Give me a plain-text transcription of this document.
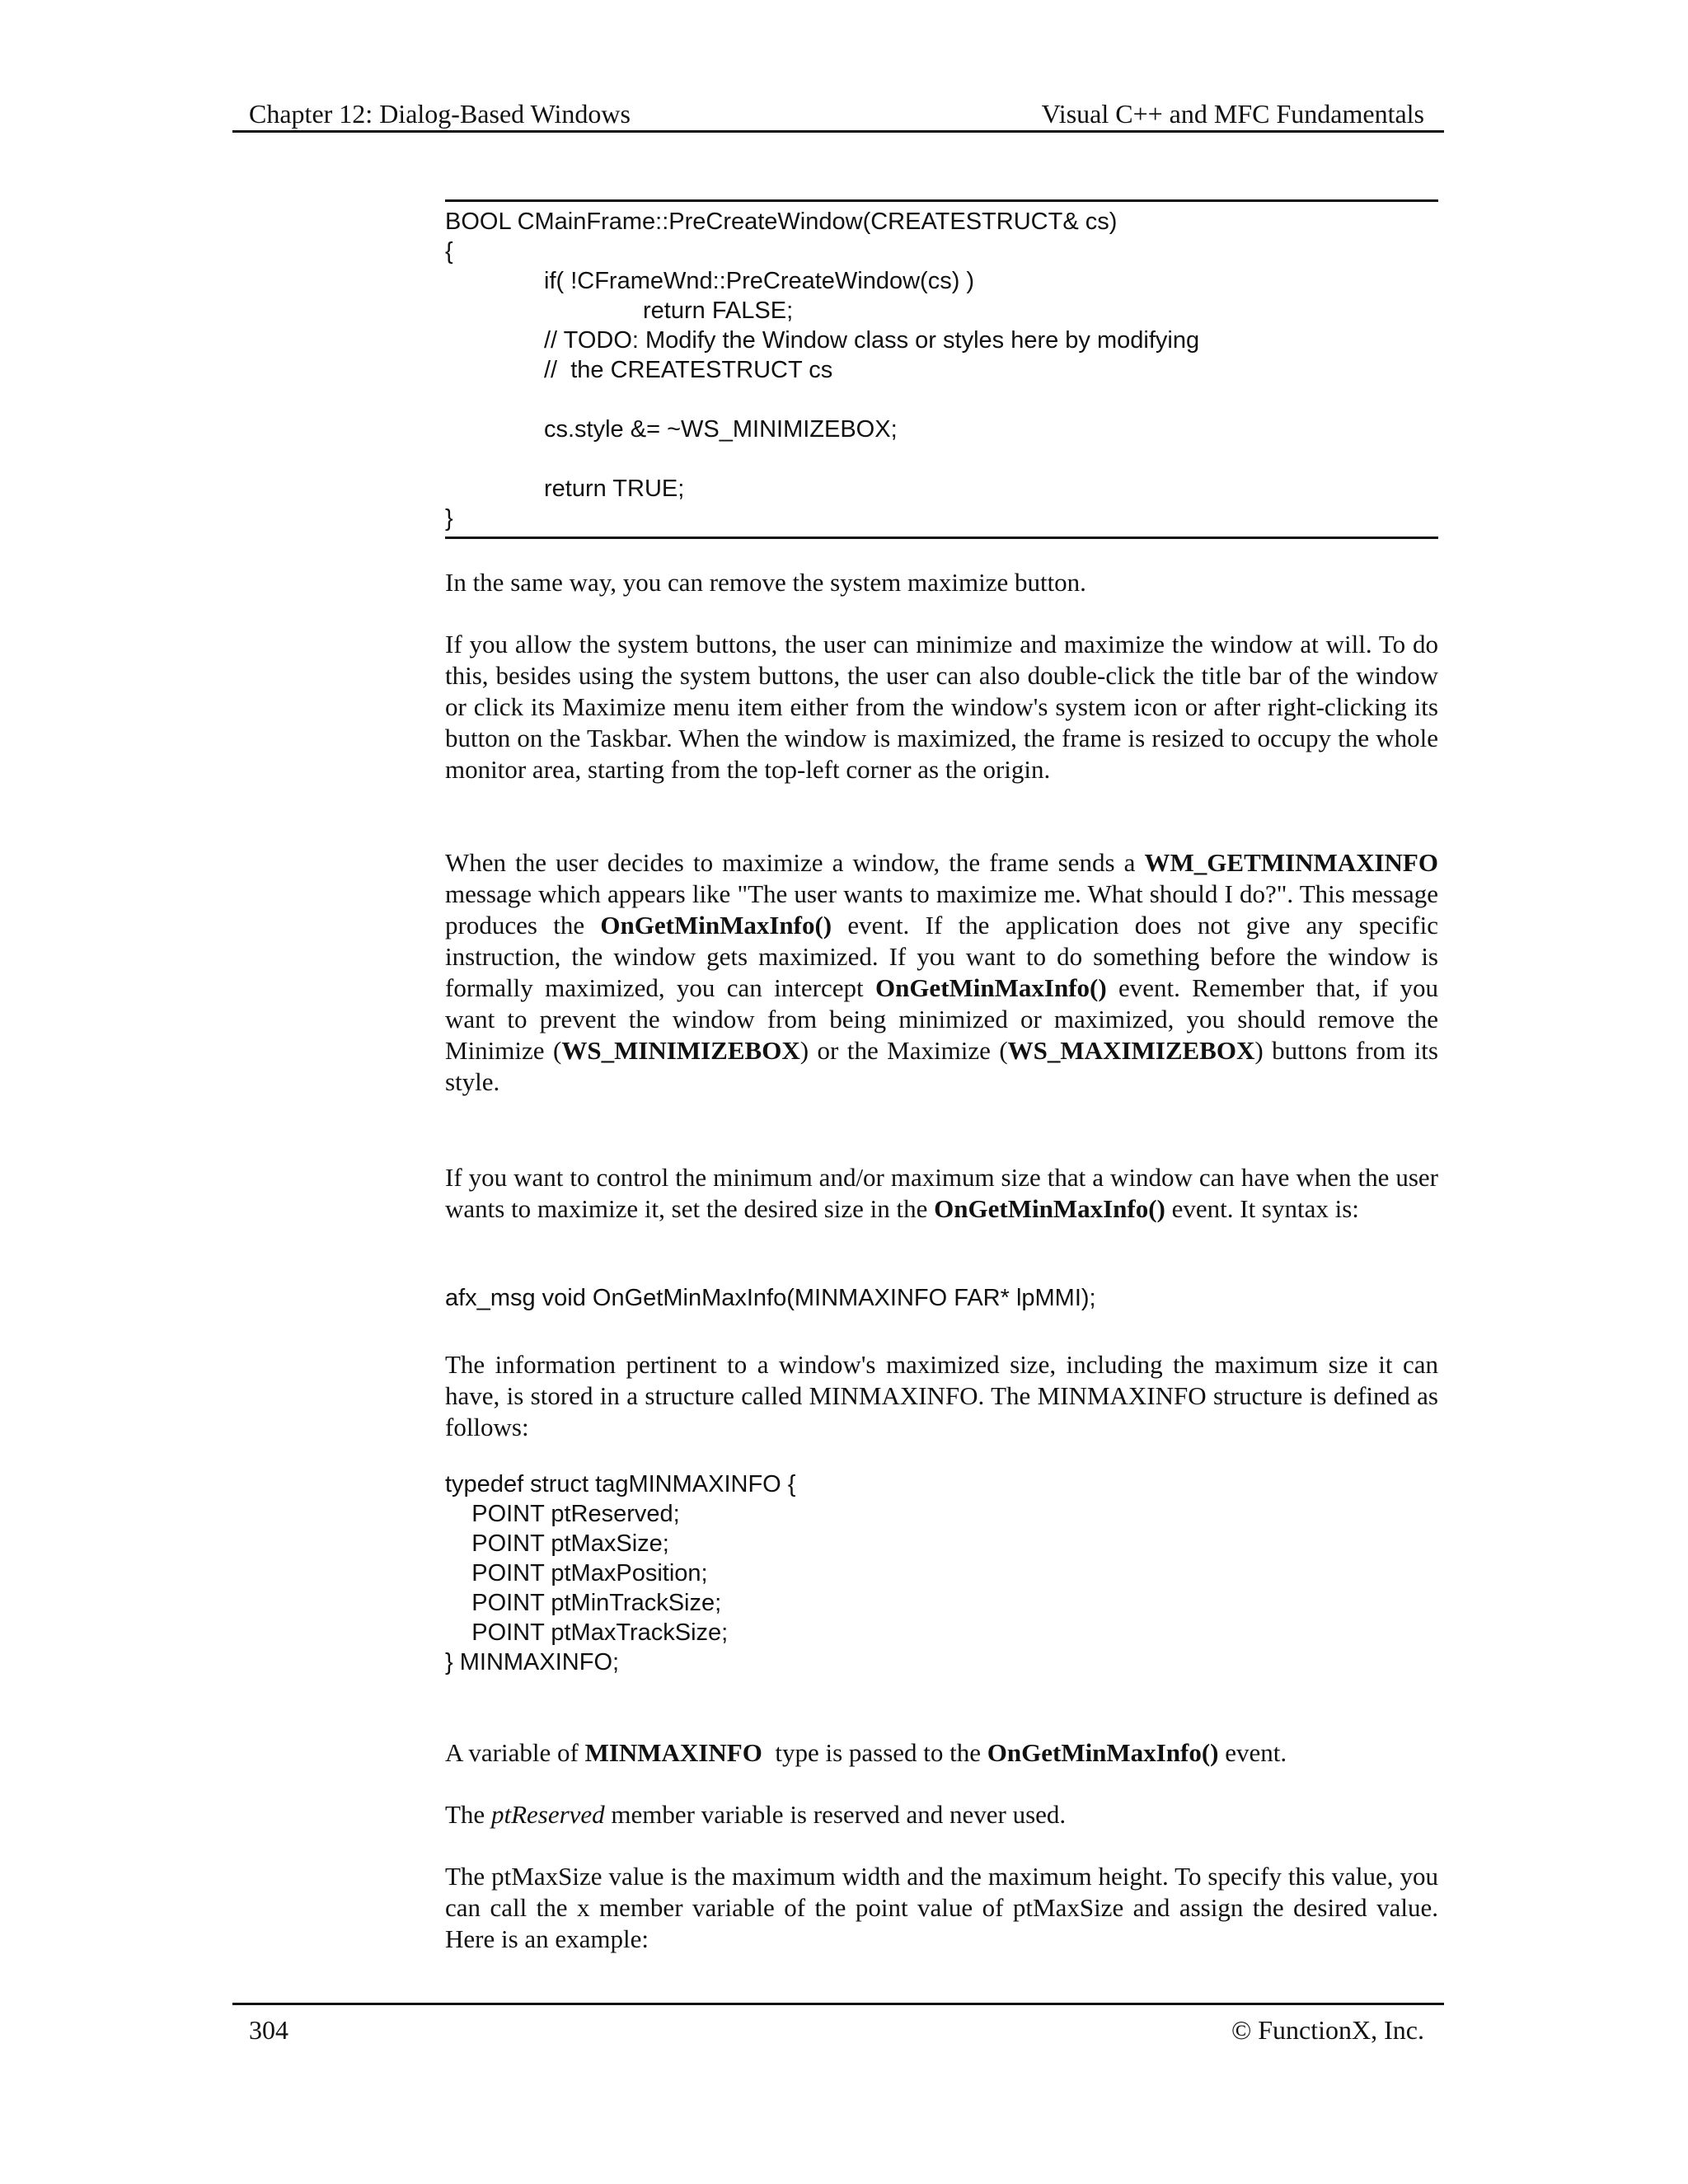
Chapter 12: Dialog-Based Windows	Visual C++ and MFC Fundamentals
BOOL CMainFrame::PreCreateWindow(CREATESTRUCT& cs)
{
if( !CFrameWnd::PreCreateWindow(cs) )
return FALSE;
// TODO: Modify the Window class or styles here by modifying
//  the CREATESTRUCT cs
cs.style &= ~WS_MINIMIZEBOX;
return TRUE;
}
In the same way, you can remove the system maximize button.
If you allow the system buttons, the user can minimize and maximize the window at will. To do this, besides using the system buttons, the user can also double-click the title bar of the window or click its Maximize menu item either from the window's system icon or after right-clicking its button on the Taskbar. When the window is maximized, the frame is resized to occupy the whole monitor area, starting from the top-left corner as the origin.
When the user decides to maximize a window, the frame sends a WM_GETMINMAXINFO message which appears like "The user wants to maximize me. What should I do?". This message produces the OnGetMinMaxInfo() event. If the application does not give any specific instruction, the window gets maximized. If you want to do something before the window is formally maximized, you can intercept OnGetMinMaxInfo() event. Remember that, if you want to prevent the window from being minimized or maximized, you should remove the Minimize (WS_MINIMIZEBOX) or the Maximize (WS_MAXIMIZEBOX) buttons from its style.
If you want to control the minimum and/or maximum size that a window can have when the user wants to maximize it, set the desired size in the OnGetMinMaxInfo() event. It syntax is:
afx_msg void OnGetMinMaxInfo(MINMAXINFO FAR* lpMMI);
The information pertinent to a window's maximized size, including the maximum size it can have, is stored in a structure called MINMAXINFO. The MINMAXINFO structure is defined as follows:
typedef struct tagMINMAXINFO {
POINT ptReserved;
POINT ptMaxSize;
POINT ptMaxPosition;
POINT ptMinTrackSize;
POINT ptMaxTrackSize;
} MINMAXINFO;
A variable of MINMAXINFO  type is passed to the OnGetMinMaxInfo() event.
The ptReserved member variable is reserved and never used.
The ptMaxSize value is the maximum width and the maximum height. To specify this value, you can call the x member variable of the point value of ptMaxSize and assign the desired value. Here is an example:
304	© FunctionX, Inc.
